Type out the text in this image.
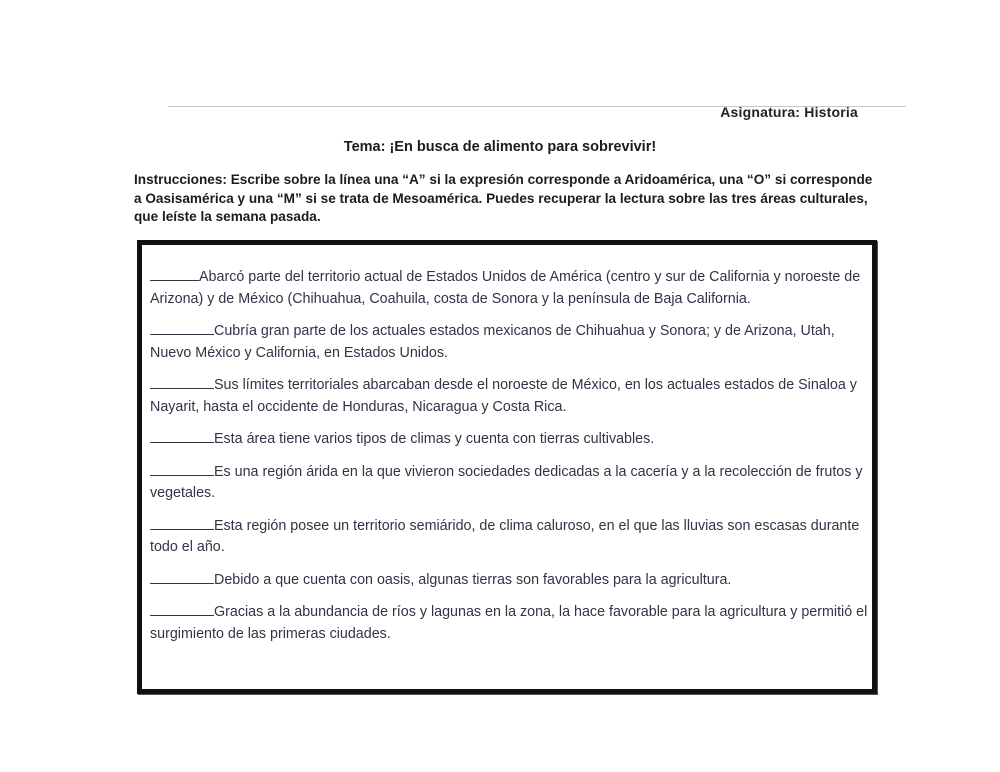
Asignatura: Historia
Tema: ¡En busca de alimento para sobrevivir!
Instrucciones: Escribe sobre la línea una “A” si la expresión corresponde a Aridoamérica, una “O” si corresponde a Oasisamérica y una “M” si se trata de Mesoamérica. Puedes recuperar la lectura sobre las tres áreas culturales, que leíste la semana pasada.
Abarcó parte del territorio actual de Estados Unidos de América (centro y sur de California y noroeste de Arizona) y de México (Chihuahua, Coahuila, costa de Sonora y la península de Baja California.
Cubría gran parte de los actuales estados mexicanos de Chihuahua y Sonora; y de Arizona, Utah, Nuevo México y California, en Estados Unidos.
Sus límites territoriales abarcaban desde el noroeste de México, en los actuales estados de Sinaloa y Nayarit, hasta el occidente de Honduras, Nicaragua y Costa Rica.
Esta área tiene varios tipos de climas y cuenta con tierras cultivables.
Es una región árida en la que vivieron sociedades dedicadas a la cacería y a la recolección de frutos y vegetales.
Esta región posee un territorio semiárido, de clima caluroso, en el que las lluvias son escasas durante todo el año.
Debido a que cuenta con oasis, algunas tierras son favorables para la agricultura.
Gracias a la abundancia de ríos y lagunas en la zona, la hace favorable para la agricultura y permitió el surgimiento de las primeras ciudades.
